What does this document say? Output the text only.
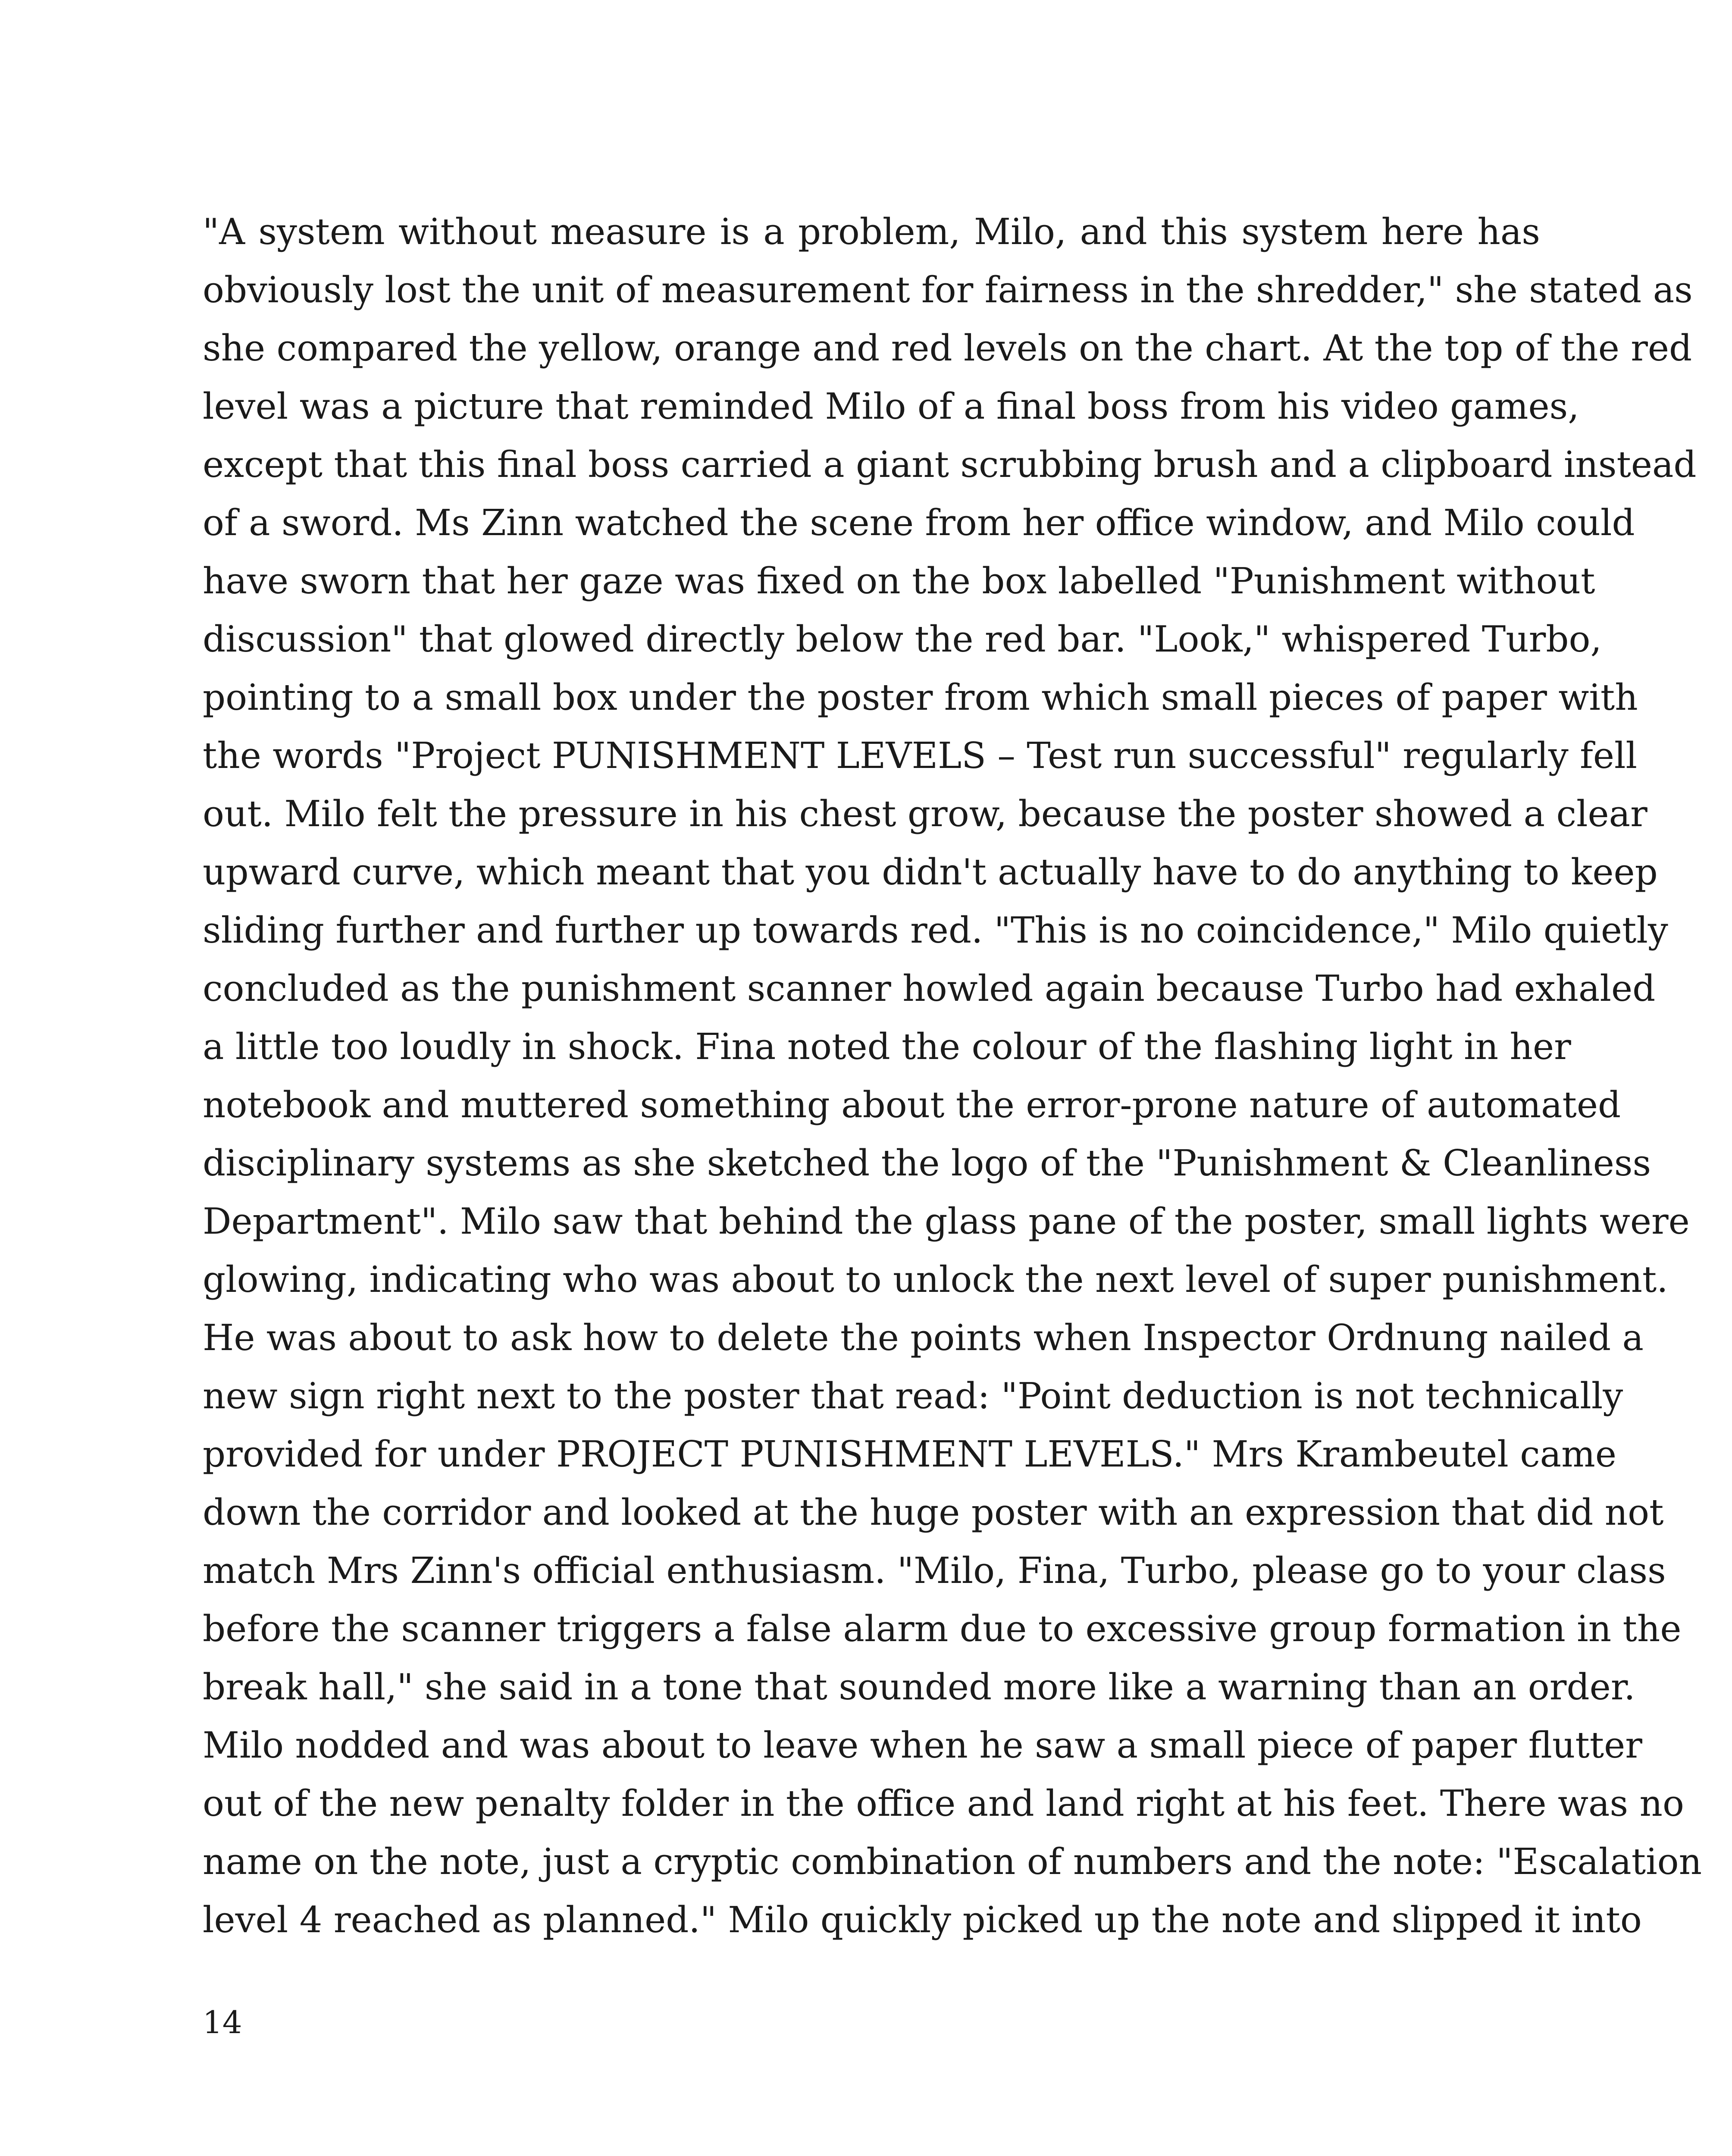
"A system without measure is a problem, Milo, and this system here has
obviously lost the unit of measurement for fairness in the shredder," she stated as
she compared the yellow, orange and red levels on the chart. At the top of the red
level was a picture that reminded Milo of a final boss from his video games,
except that this final boss carried a giant scrubbing brush and a clipboard instead
of a sword. Ms Zinn watched the scene from her office window, and Milo could
have sworn that her gaze was fixed on the box labelled "Punishment without
discussion" that glowed directly below the red bar. "Look," whispered Turbo,
pointing to a small box under the poster from which small pieces of paper with
the words "Project PUNISHMENT LEVELS – Test run successful" regularly fell
out. Milo felt the pressure in his chest grow, because the poster showed a clear
upward curve, which meant that you didn't actually have to do anything to keep
sliding further and further up towards red. "This is no coincidence," Milo quietly
concluded as the punishment scanner howled again because Turbo had exhaled
a little too loudly in shock. Fina noted the colour of the flashing light in her
notebook and muttered something about the error-prone nature of automated
disciplinary systems as she sketched the logo of the "Punishment & Cleanliness
Department". Milo saw that behind the glass pane of the poster, small lights were
glowing, indicating who was about to unlock the next level of super punishment.
He was about to ask how to delete the points when Inspector Ordnung nailed a
new sign right next to the poster that read: "Point deduction is not technically
provided for under PROJECT PUNISHMENT LEVELS." Mrs Krambeutel came
down the corridor and looked at the huge poster with an expression that did not
match Mrs Zinn's official enthusiasm. "Milo, Fina, Turbo, please go to your class
before the scanner triggers a false alarm due to excessive group formation in the
break hall," she said in a tone that sounded more like a warning than an order.
Milo nodded and was about to leave when he saw a small piece of paper flutter
out of the new penalty folder in the office and land right at his feet. There was no
name on the note, just a cryptic combination of numbers and the note: "Escalation
level 4 reached as planned." Milo quickly picked up the note and slipped it into
14
